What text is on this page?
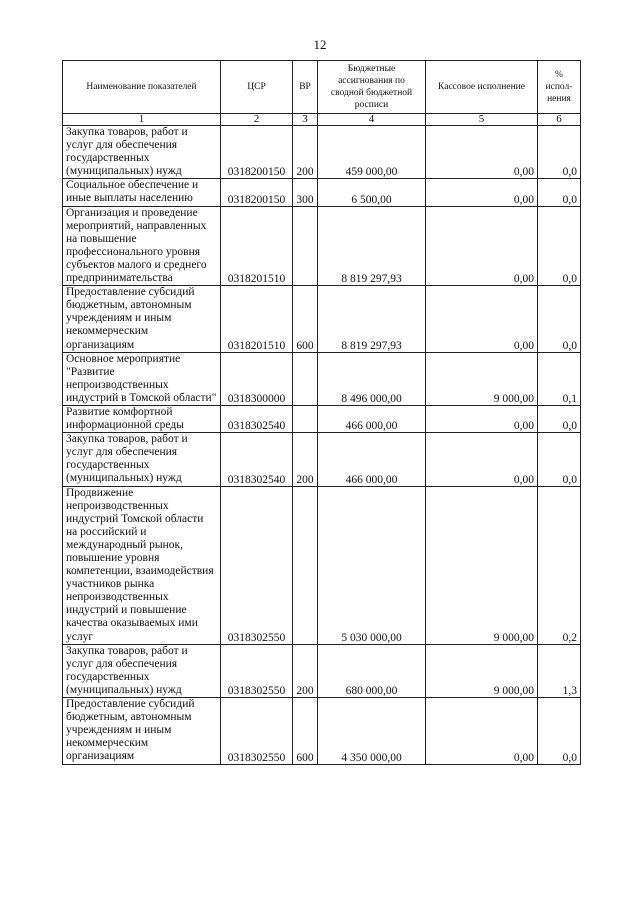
12
Наименование показателей	ЦСР	ВР	Бюджетные ассигнования по сводной бюджетной росписи	Кассовое исполнение	% испол-нения
1	2	3	4	5	6
Закупка товаров, работ и услуг для обеспечения государственных (муниципальных) нужд	0318200150	200	459 000,00	0,00	0,0
Социальное обеспечение и иные выплаты населению	0318200150	300	6 500,00	0,00	0,0
Организация и проведение мероприятий, направленных на повышение профессионального уровня субъектов малого и среднего предпринимательства	0318201510		8 819 297,93	0,00	0,0
Предоставление субсидий бюджетным, автономным учреждениям и иным некоммерческим организациям	0318201510	600	8 819 297,93	0,00	0,0
Основное мероприятие "Развитие непроизводственных индустрий в Томской области"	0318300000		8 496 000,00	9 000,00	0,1
Развитие комфортной информационной среды	0318302540		466 000,00	0,00	0,0
Закупка товаров, работ и услуг для обеспечения государственных (муниципальных) нужд	0318302540	200	466 000,00	0,00	0,0
Продвижение непроизводственных индустрий Томской области на российский и международный рынок, повышение уровня компетенции, взаимодействия участников рынка непроизводственных индустрий и повышение качества оказываемых ими услуг	0318302550		5 030 000,00	9 000,00	0,2
Закупка товаров, работ и услуг для обеспечения государственных (муниципальных) нужд	0318302550	200	680 000,00	9 000,00	1,3
Предоставление субсидий бюджетным, автономным учреждениям и иным некоммерческим организациям	0318302550	600	4 350 000,00	0,00	0,0
